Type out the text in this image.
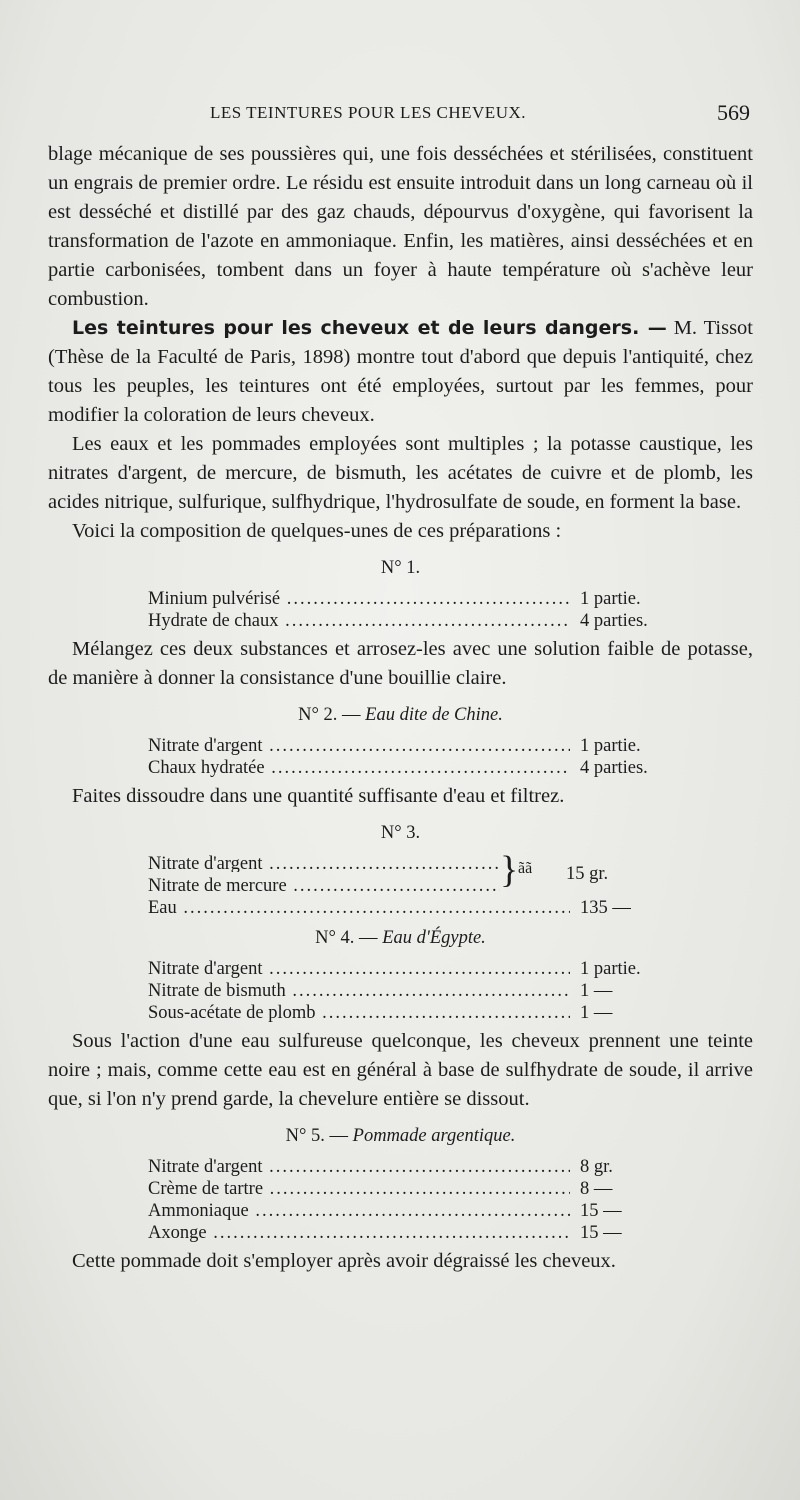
LES TEINTURES POUR LES CHEVEUX.	569

blage mécanique de ses poussières qui, une fois desséchées et stérilisées, constituent un engrais de premier ordre. Le résidu est ensuite introduit dans un long carneau où il est desséché et distillé par des gaz chauds, dépourvus d'oxygène, qui favorisent la transformation de l'azote en ammoniaque. Enfin, les matières, ainsi desséchées et en partie carbonisées, tombent dans un foyer à haute température où s'achève leur combustion.

Les teintures pour les cheveux et de leurs dangers. — M. Tissot (Thèse de la Faculté de Paris, 1898) montre tout d'abord que depuis l'antiquité, chez tous les peuples, les teintures ont été employées, surtout par les femmes, pour modifier la coloration de leurs cheveux.

Les eaux et les pommades employées sont multiples ; la potasse caustique, les nitrates d'argent, de mercure, de bismuth, les acétates de cuivre et de plomb, les acides nitrique, sulfurique, sulfhydrique, l'hydrosulfate de soude, en forment la base.

Voici la composition de quelques-unes de ces préparations :

N° 1.
Minium pulvérisé .....	1 partie.
Hydrate de chaux .....	4 parties.

Mélangez ces deux substances et arrosez-les avec une solution faible de potasse, de manière à donner la consistance d'une bouillie claire.

N° 2. — Eau dite de Chine.
Nitrate d'argent .....	1 partie.
Chaux hydratée .....	4 parties.

Faites dissoudre dans une quantité suffisante d'eau et filtrez.

N° 3.
Nitrate d'argent .....
Nitrate de mercure .....	} ãã 15 gr.
Eau .....	135 —
N° 4. — Eau d'Égypte.
Nitrate d'argent .....	1 partie.
Nitrate de bismuth .....	1 —
Sous-acétate de plomb .....	1 —

Sous l'action d'une eau sulfureuse quelconque, les cheveux prennent une teinte noire ; mais, comme cette eau est en général à base de sulfhydrate de soude, il arrive que, si l'on n'y prend garde, la chevelure entière se dissout.

N° 5. — Pommade argentique.
Nitrate d'argent .....	8 gr.
Crème de tartre .....	8 —
Ammoniaque .....	15 —
Axonge .....	15 —

Cette pommade doit s'employer après avoir dégraissé les cheveux.
